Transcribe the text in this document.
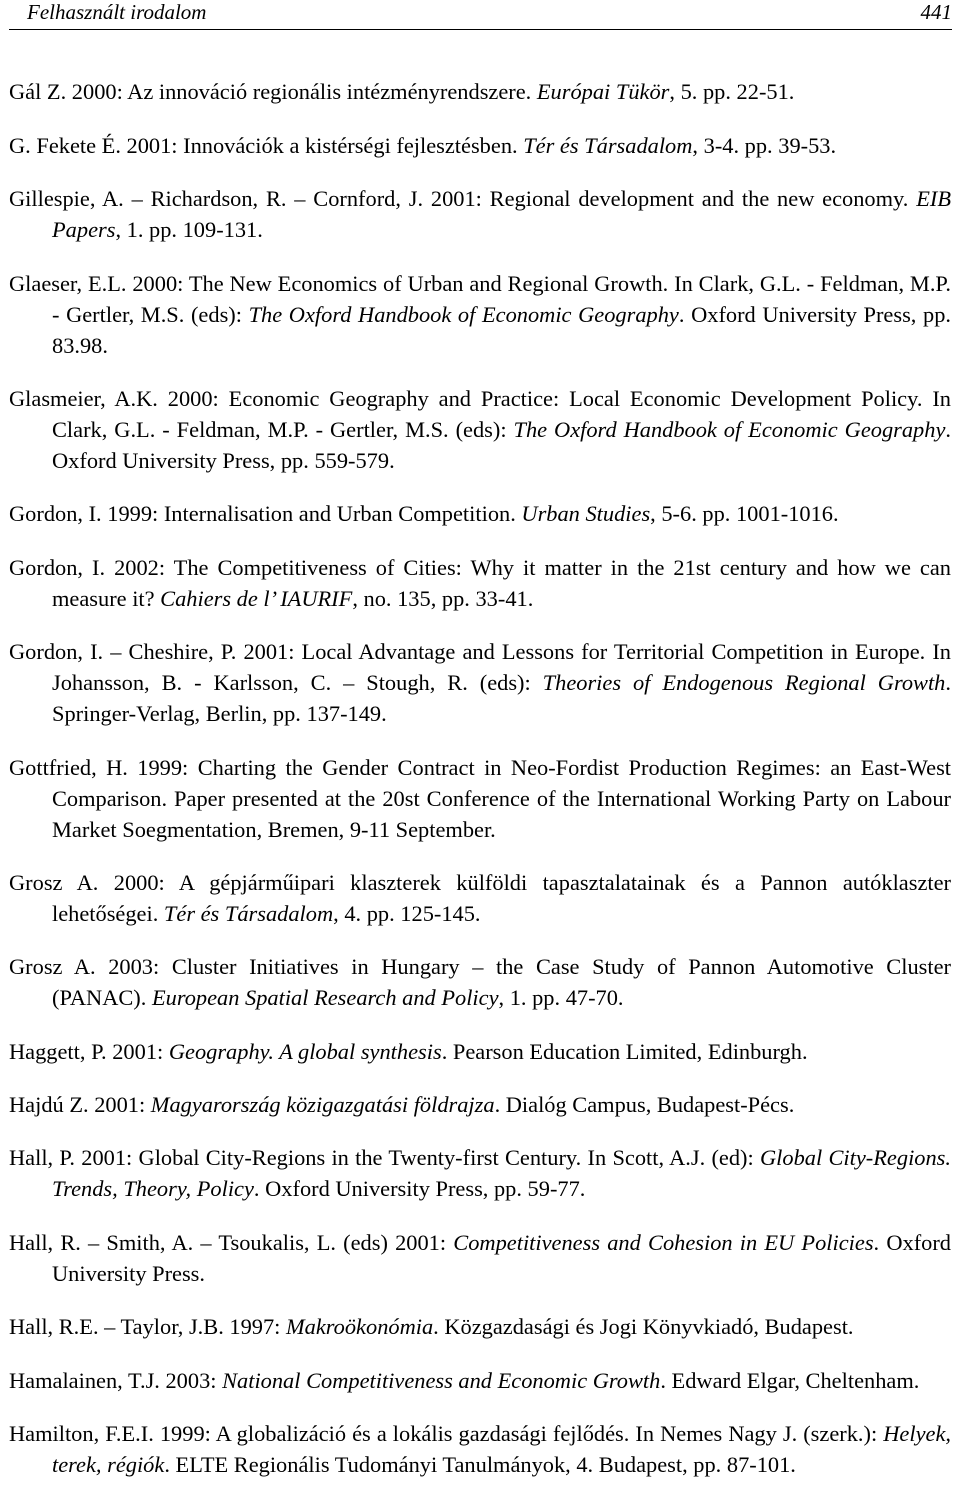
Felhasznált irodalom	441

Gál Z. 2000: Az innováció regionális intézményrendszere. Európai Tükör, 5. pp. 22-51.

G. Fekete É. 2001: Innovációk a kistérségi fejlesztésben. Tér és Társadalom, 3-4. pp. 39-53.

Gillespie, A. – Richardson, R. – Cornford, J. 2001: Regional development and the new economy. EIB Papers, 1. pp. 109-131.

Glaeser, E.L. 2000: The New Economics of Urban and Regional Growth. In Clark, G.L. - Feldman, M.P. - Gertler, M.S. (eds): The Oxford Handbook of Economic Geography. Oxford University Press, pp. 83.98.

Glasmeier, A.K. 2000: Economic Geography and Practice: Local Economic Development Policy. In Clark, G.L. - Feldman, M.P. - Gertler, M.S. (eds): The Oxford Handbook of Economic Geography. Oxford University Press, pp. 559-579.

Gordon, I. 1999: Internalisation and Urban Competition. Urban Studies, 5-6. pp. 1001-1016.

Gordon, I. 2002: The Competitiveness of Cities: Why it matter in the 21st century and how we can measure it? Cahiers de l’ IAURIF, no. 135, pp. 33-41.

Gordon, I. – Cheshire, P. 2001: Local Advantage and Lessons for Territorial Competition in Europe. In Johansson, B. - Karlsson, C. – Stough, R. (eds): Theories of Endogenous Regional Growth. Springer-Verlag, Berlin, pp. 137-149.

Gottfried, H. 1999: Charting the Gender Contract in Neo-Fordist Production Regimes: an East-West Comparison. Paper presented at the 20st Conference of the International Working Party on Labour Market Soegmentation, Bremen, 9-11 September.

Grosz A. 2000: A gépjárműipari klaszterek külföldi tapasztalatainak és a Pannon autóklaszter lehetőségei. Tér és Társadalom, 4. pp. 125-145.

Grosz A. 2003: Cluster Initiatives in Hungary – the Case Study of Pannon Automotive Cluster (PANAC). European Spatial Research and Policy, 1. pp. 47-70.

Haggett, P. 2001: Geography. A global synthesis. Pearson Education Limited, Edinburgh.

Hajdú Z. 2001: Magyarország közigazgatási földrajza. Dialóg Campus, Budapest-Pécs.

Hall, P. 2001: Global City-Regions in the Twenty-first Century. In Scott, A.J. (ed): Global City-Regions. Trends, Theory, Policy. Oxford University Press, pp. 59-77.

Hall, R. – Smith, A. – Tsoukalis, L. (eds) 2001: Competitiveness and Cohesion in EU Policies. Oxford University Press.

Hall, R.E. – Taylor, J.B. 1997: Makroökonómia. Közgazdasági és Jogi Könyvkiadó, Budapest.

Hamalainen, T.J. 2003: National Competitiveness and Economic Growth. Edward Elgar, Cheltenham.

Hamilton, F.E.I. 1999: A globalizáció és a lokális gazdasági fejlődés. In Nemes Nagy J. (szerk.): Helyek, terek, régiók. ELTE Regionális Tudományi Tanulmányok, 4. Budapest, pp. 87-101.
